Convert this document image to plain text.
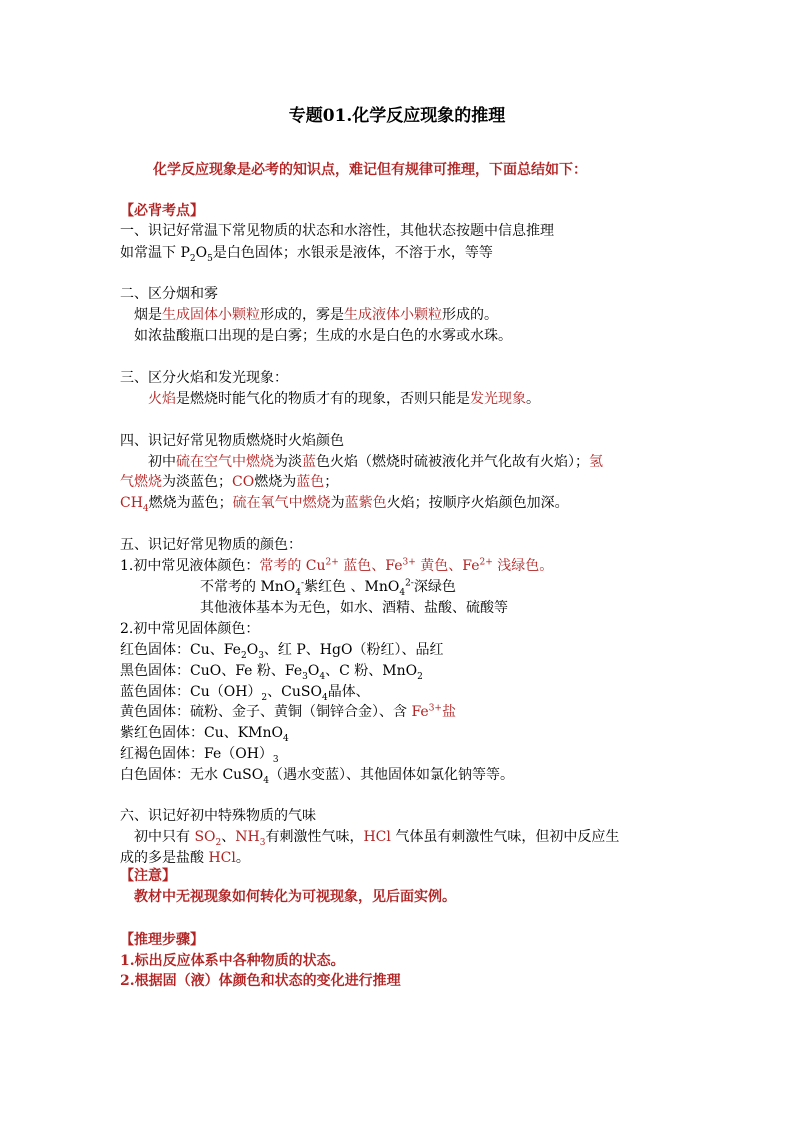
专题01.化学反应现象的推理
化学反应现象是必考的知识点，难记但有规律可推理，下面总结如下：
【必背考点】
一、识记好常温下常见物质的状态和水溶性，其他状态按题中信息推理
如常温下 $P_2O_5$是白色固体；水银汞是液体，不溶于水，等等
二、区分烟和雾
烟是生成固体小颗粒形成的，雾是生成液体小颗粒形成的。
如浓盐酸瓶口出现的是白雾；生成的水是白色的水雾或水珠。
三、区分火焰和发光现象：
火焰是燃烧时能气化的物质才有的现象，否则只能是发光现象。
四、识记好常见物质燃烧时火焰颜色
初中硫在空气中燃烧为淡蓝色火焰（燃烧时硫被液化并气化故有火焰）；氢
气燃烧为淡蓝色；CO燃烧为蓝色；
$CH_4$燃烧为蓝色；硫在氧气中燃烧为蓝紫色火焰；按顺序火焰颜色加深。
五、识记好常见物质的颜色：
1.初中常见液体颜色：常考的 $Cu^{2+}$ 蓝色、$Fe^{3+}$ 黄色、$Fe^{2+}$ 浅绿色。
不常考的 MnO$_4$-紫红色 、MnO$_4^{2-}$深绿色
其他液体基本为无色，如水、酒精、盐酸、硫酸等
2.初中常见固体颜色：
红色固体：Cu、$Fe_2O_3$、红 P、HgO（粉红）、品红
黑色固体：CuO、Fe 粉、$Fe_3O_4$、C 粉、MnO$_2$
蓝色固体：$Cu(OH)_2$、CuSO$_4$晶体、
黄色固体：硫粉、金子、黄铜（铜锌合金）、含 $Fe^{3+}$盐
紫红色固体：Cu、KMnO$_4$
红褐色固体：$Fe(OH)_3$
白色固体：无水 CuSO$_4$（遇水变蓝）、其他固体如氯化钠等等。
六、识记好初中特殊物质的气味
初中只有 $SO_2$、$NH_3$有刺激性气味，HCl 气体虽有刺激性气味，但初中反应生
成的多是盐酸 HCl。
【注意】
教材中无视现象如何转化为可视现象，见后面实例。
【推理步骤】
1.标出反应体系中各种物质的状态。
2.根据固（液）体颜色和状态的变化进行推理
